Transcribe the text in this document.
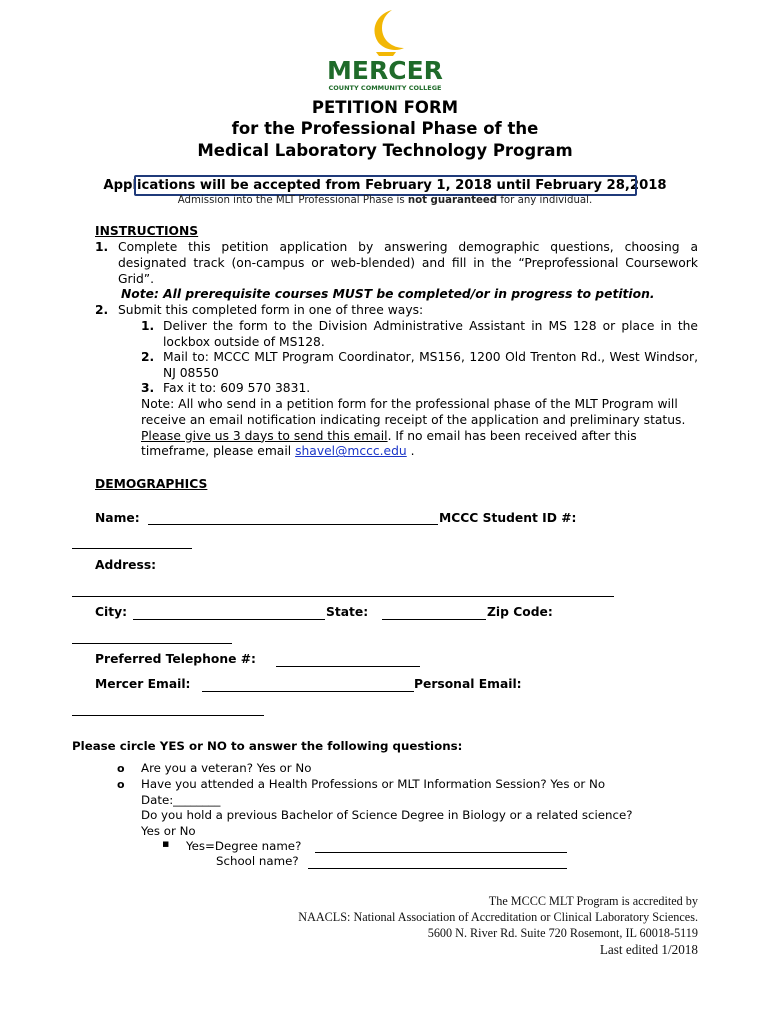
MERCER
COUNTY COMMUNITY COLLEGE
PETITION FORM
for the Professional Phase of the
Medical Laboratory Technology Program
Applications will be accepted from February 1, 2018 until February 28,2018
Admission into the MLT Professional Phase is not guaranteed for any individual.
INSTRUCTIONS
1. Complete this petition application by answering demographic questions, choosing a designated track (on-campus or web-blended) and fill in the “Preprofessional Coursework Grid”.
Note: All prerequisite courses MUST be completed/or in progress to petition.
2. Submit this completed form in one of three ways:
1. Deliver the form to the Division Administrative Assistant in MS 128 or place in the lockbox outside of MS128.
2. Mail to: MCCC MLT Program Coordinator, MS156, 1200 Old Trenton Rd., West Windsor, NJ 08550
3. Fax it to: 609 570 3831.
Note: All who send in a petition form for the professional phase of the MLT Program will receive an email notification indicating receipt of the application and preliminary status. Please give us 3 days to send this email. If no email has been received after this timeframe, please email shavel@mccc.edu .
DEMOGRAPHICS
Name:	MCCC Student ID #:
Address:
City:	State:	Zip Code:
Preferred Telephone #:
Mercer Email:	Personal Email:
Please circle YES or NO to answer the following questions:
o Are you a veteran? Yes or No
o Have you attended a Health Professions or MLT Information Session? Yes or No
Date:________
Do you hold a previous Bachelor of Science Degree in Biology or a related science?
Yes or No
▪ Yes=Degree name?
School name?
The MCCC MLT Program is accredited by
NAACLS: National Association of Accreditation or Clinical Laboratory Sciences.
5600 N. River Rd. Suite 720 Rosemont, IL 60018-5119
Last edited 1/2018
